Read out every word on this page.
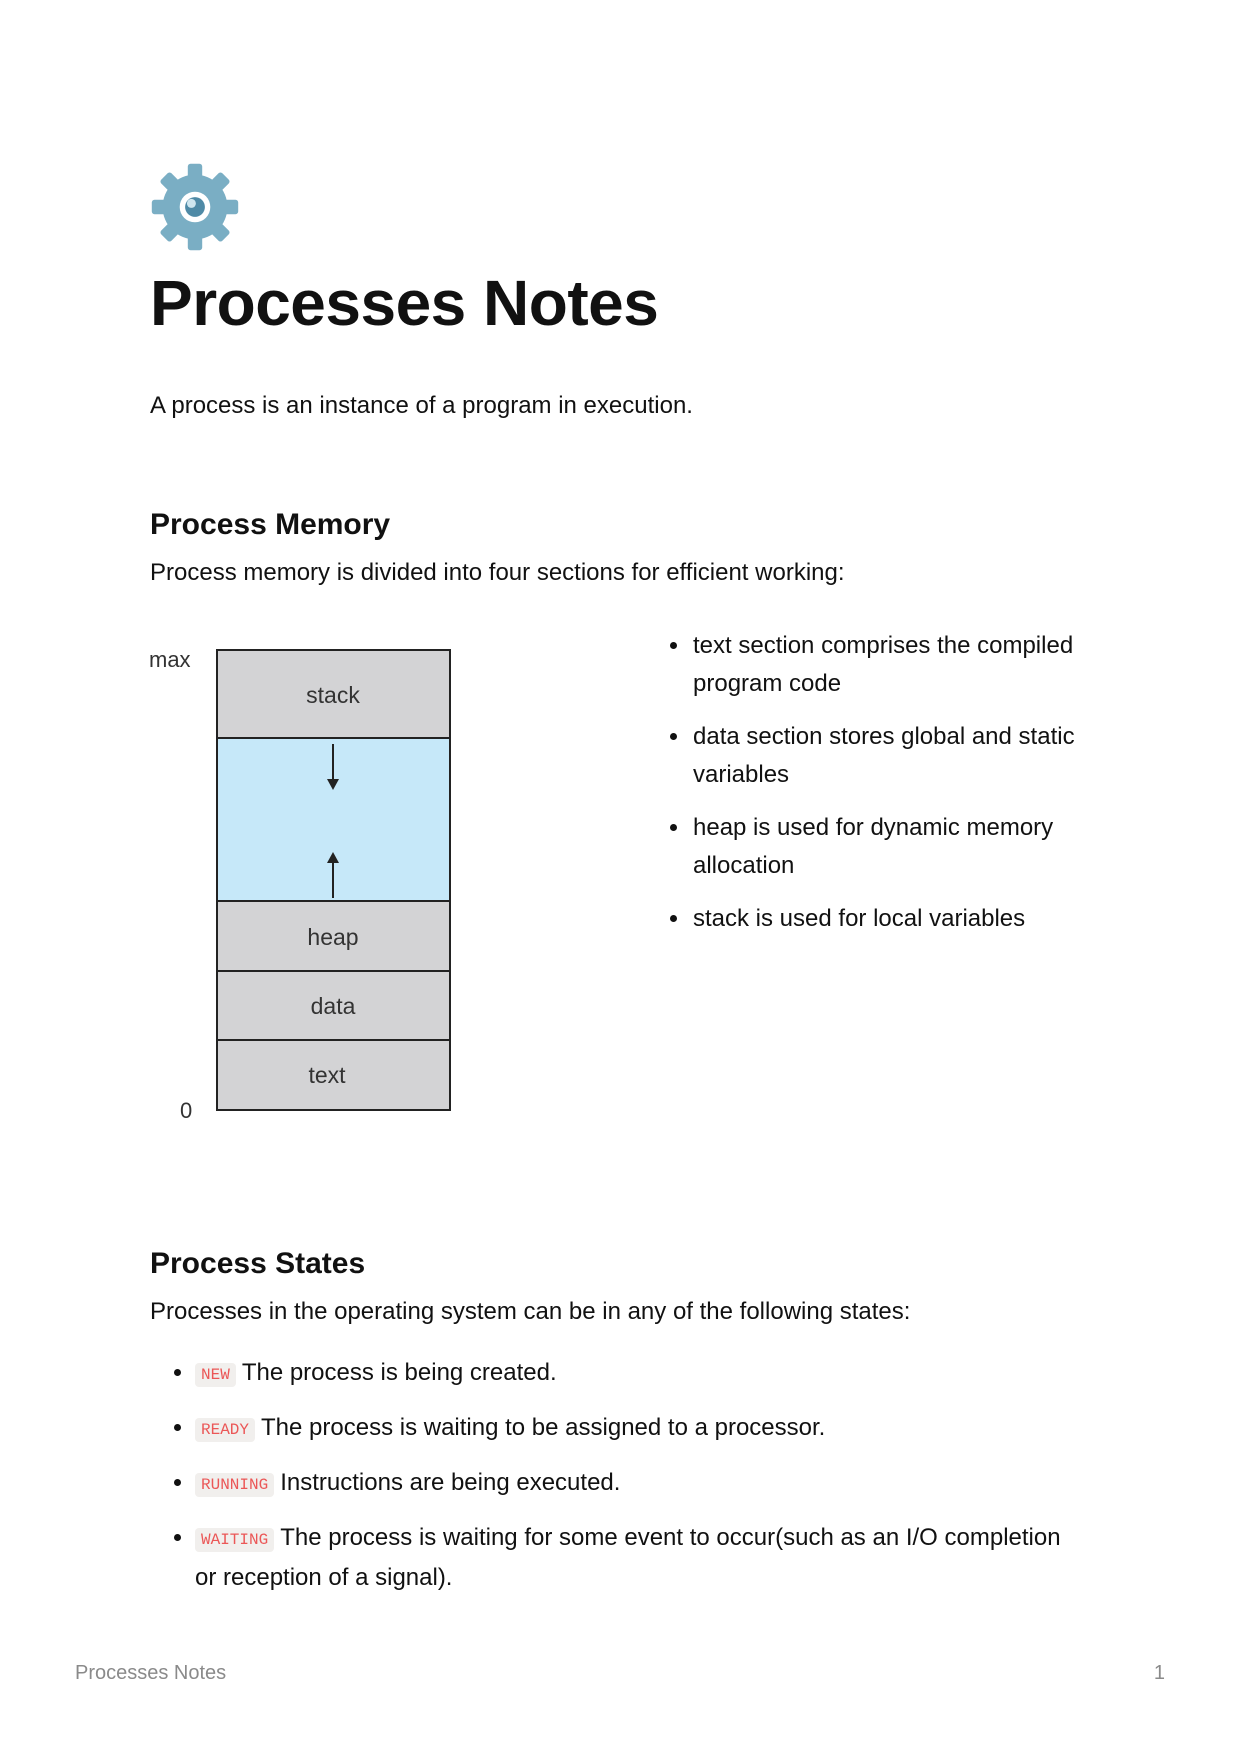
Processes Notes

A process is an instance of a program in execution.

Process Memory

Process memory is divided into four sections for efficient working:

max
0
stack
heap
data
text
• text section comprises the compiled program code
• data section stores global and static variables
• heap is used for dynamic memory allocation
• stack is used for local variables
Process States

Processes in the operating system can be in any of the following states:

• NEW The process is being created.
• READY The process is waiting to be assigned to a processor.
• RUNNING Instructions are being executed.
• WAITING The process is waiting for some event to occur(such as an I/O completion or reception of a signal).
Processes Notes	1
